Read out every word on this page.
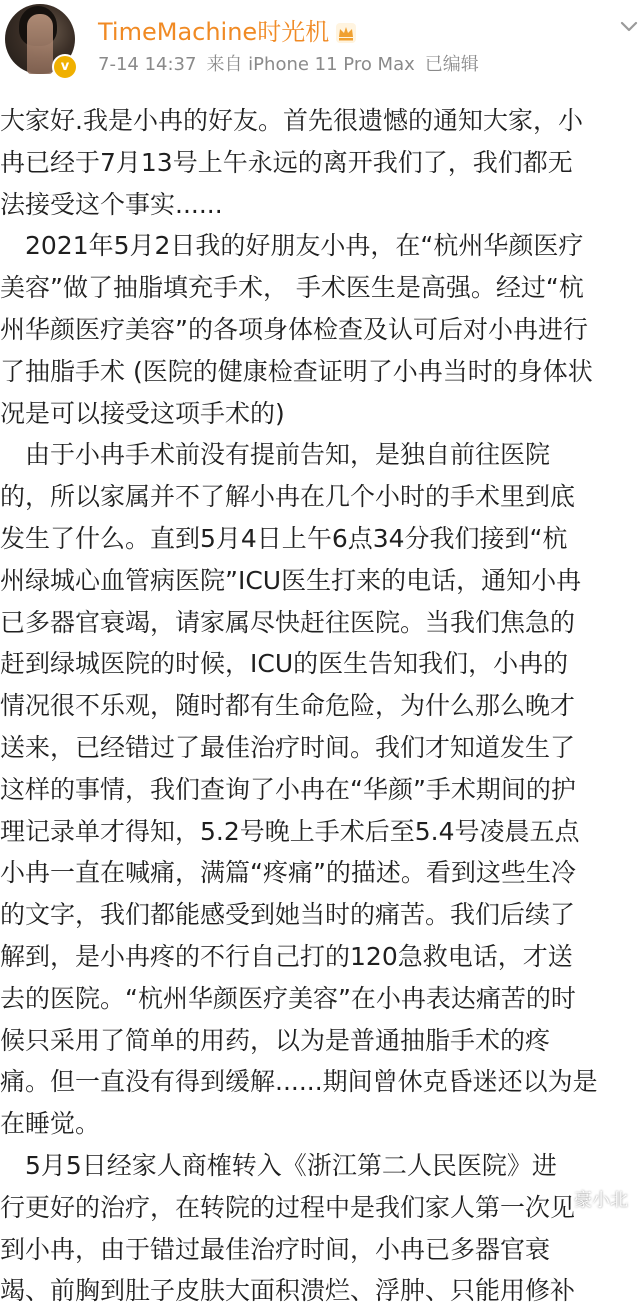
v
TimeMachine时光机
7-14 14:37 来自 iPhone 11 Pro Max 已编辑

大家好.我是小冉的好友。首先很遗憾的通知大家，小

冉已经于7月13号上午永远的离开我们了，我们都无

法接受这个事实......

　2021年5月2日我的好朋友小冉，在“杭州华颜医疗

美容”做了抽脂填充手术， 手术医生是高强。经过“杭

州华颜医疗美容”的各项身体检查及认可后对小冉进行

了抽脂手术 (医院的健康检查证明了小冉当时的身体状

况是可以接受这项手术的)

　由于小冉手术前没有提前告知，是独自前往医院

的，所以家属并不了解小冉在几个小时的手术里到底

发生了什么。直到5月4日上午6点34分我们接到“杭

州绿城心血管病医院”ICU医生打来的电话，通知小冉

已多器官衰竭，请家属尽快赶往医院。当我们焦急的

赶到绿城医院的时候，ICU的医生告知我们，小冉的

情况很不乐观，随时都有生命危险，为什么那么晚才

送来，已经错过了最佳治疗时间。我们才知道发生了

这样的事情，我们查询了小冉在“华颜”手术期间的护

理记录单才得知，5.2号晚上手术后至5.4号凌晨五点

小冉一直在喊痛，满篇“疼痛”的描述。看到这些生冷

的文字，我们都能感受到她当时的痛苦。我们后续了

解到，是小冉疼的不行自己打的120急救电话，才送

去的医院。“杭州华颜医疗美容”在小冉表达痛苦的时

候只采用了简单的用药，以为是普通抽脂手术的疼

痛。但一直没有得到缓解......期间曾休克昏迷还以为是

在睡觉。

　5月5日经家人商榷转入《浙江第二人民医院》进

行更好的治疗，在转院的过程中是我们家人第一次见

到小冉，由于错过最佳治疗时间，小冉已多器官衰

竭、前胸到肚子皮肤大面积溃烂、浮肿、只能用修补

豪小北
